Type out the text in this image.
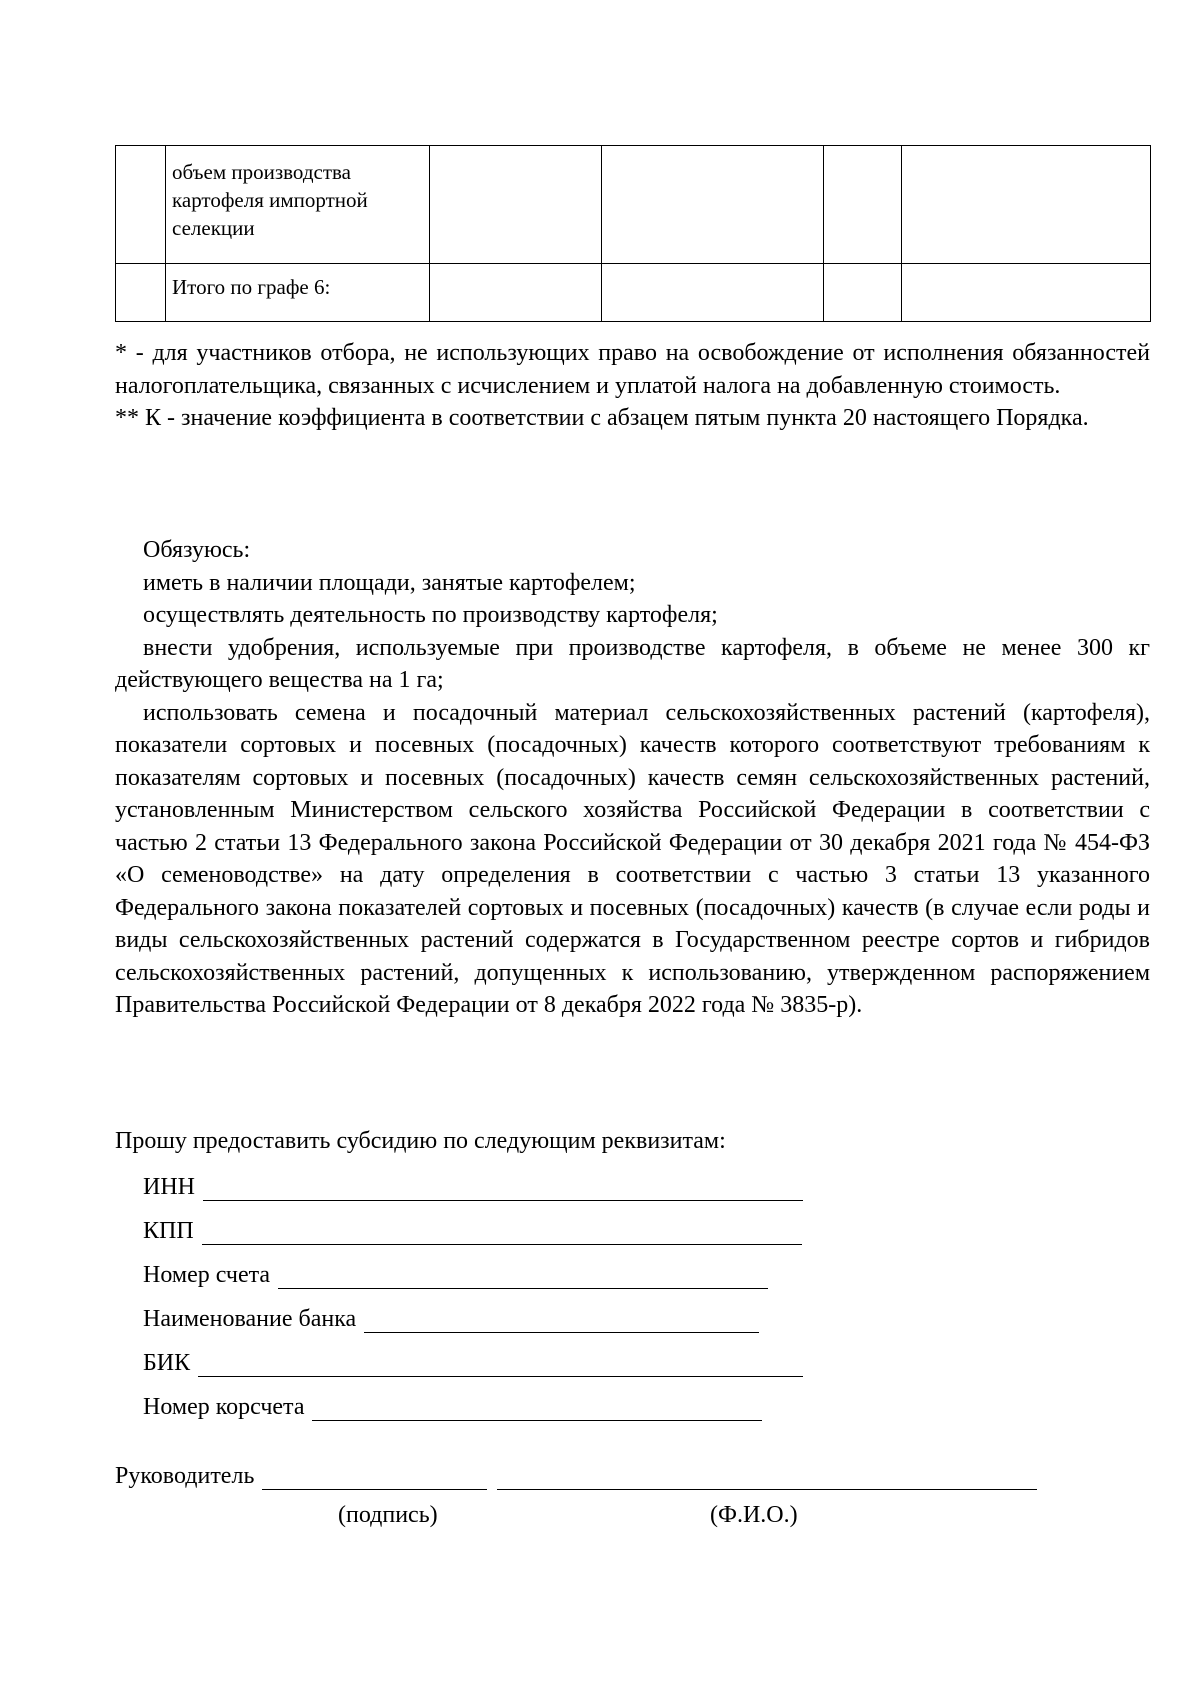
	объем производства картофеля импортной селекции				
	Итого по графе 6:				

* - для участников отбора, не использующих право на освобождение от исполнения обязанностей налогоплательщика, связанных с исчислением и уплатой налога на добавленную стоимость.

** К - значение коэффициента в соответствии с абзацем пятым пункта 20 настоящего Порядка.

Обязуюсь:

иметь в наличии площади, занятые картофелем;

осуществлять деятельность по производству картофеля;

внести удобрения, используемые при производстве картофеля, в объеме не менее 300 кг действующего вещества на 1 га;

использовать семена и посадочный материал сельскохозяйственных растений (картофеля), показатели сортовых и посевных (посадочных) качеств которого соответствуют требованиям к показателям сортовых и посевных (посадочных) качеств семян сельскохозяйственных растений, установленным Министерством сельского хозяйства Российской Федерации в соответствии с частью 2 статьи 13 Федерального закона Российской Федерации от 30 декабря 2021 года № 454-ФЗ «О семеноводстве» на дату определения в соответствии с частью 3 статьи 13 указанного Федерального закона показателей сортовых и посевных (посадочных) качеств (в случае если роды и виды сельскохозяйственных растений содержатся в Государственном реестре сортов и гибридов сельскохозяйственных растений, допущенных к использованию, утвержденном распоряжением Правительства Российской Федерации от 8 декабря 2022 года № 3835-р).

Прошу предоставить субсидию по следующим реквизитам:
ИНН
КПП
Номер счета
Наименование банка
БИК
Номер корсчета
Руководитель
(подпись)	(Ф.И.О.)
